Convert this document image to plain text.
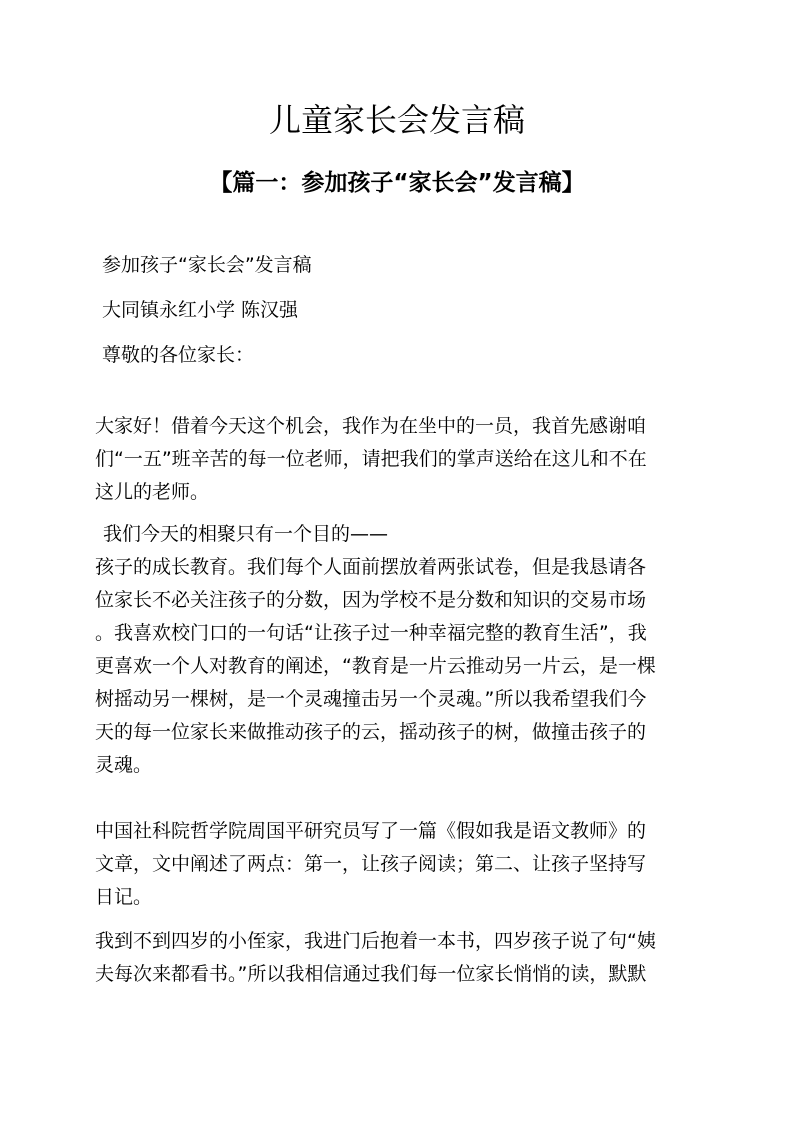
儿童家长会发言稿
【篇一：参加孩子“家长会”发言稿】

参加孩子“家长会”发言稿

大同镇永红小学 陈汉强

尊敬的各位家长：

大家好！借着今天这个机会，我作为在坐中的一员，我首先感谢咱
们“一五”班辛苦的每一位老师，请把我们的掌声送给在这儿和不在
这儿的老师。
我们今天的相聚只有一个目的——
孩子的成长教育。我们每个人面前摆放着两张试卷，但是我恳请各
位家长不必关注孩子的分数，因为学校不是分数和知识的交易市场
。我喜欢校门口的一句话“让孩子过一种幸福完整的教育生活”，我
更喜欢一个人对教育的阐述，“教育是一片云推动另一片云，是一棵
树摇动另一棵树，是一个灵魂撞击另一个灵魂。”所以我希望我们今
天的每一位家长来做推动孩子的云，摇动孩子的树，做撞击孩子的
灵魂。
中国社科院哲学院周国平研究员写了一篇《假如我是语文教师》的
文章，文中阐述了两点：第一，让孩子阅读；第二、让孩子坚持写
日记。
我到不到四岁的小侄家，我进门后抱着一本书，四岁孩子说了句“姨
夫每次来都看书。”所以我相信通过我们每一位家长悄悄的读，默默
